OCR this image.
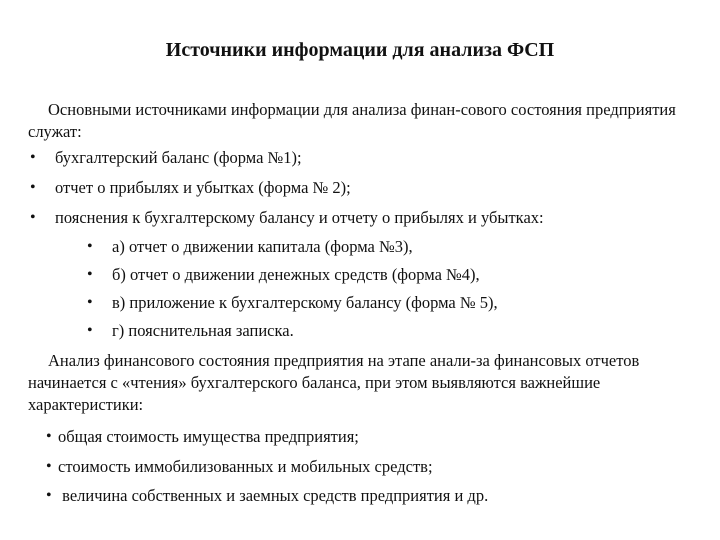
Источники информации для анализа ФСП
Основными источниками информации для анализа финан-сового состояния предприятия служат:
• бухгалтерский баланс (форма №1);
• отчет о прибылях и убытках (форма № 2);
• пояснения к бухгалтерскому балансу и отчету о прибылях и убытках:
• а) отчет о движении капитала (форма №3),
• б) отчет о движении денежных средств (форма №4),
• в) приложение к бухгалтерскому балансу (форма № 5),
• г) пояснительная записка.
Анализ финансового состояния предприятия на этапе анали-за финансовых отчетов начинается с «чтения» бухгалтерского баланса, при этом выявляются важнейшие характеристики:
• общая стоимость имущества предприятия;
• стоимость иммобилизованных и мобильных средств;
• величина собственных и заемных средств предприятия и др.
